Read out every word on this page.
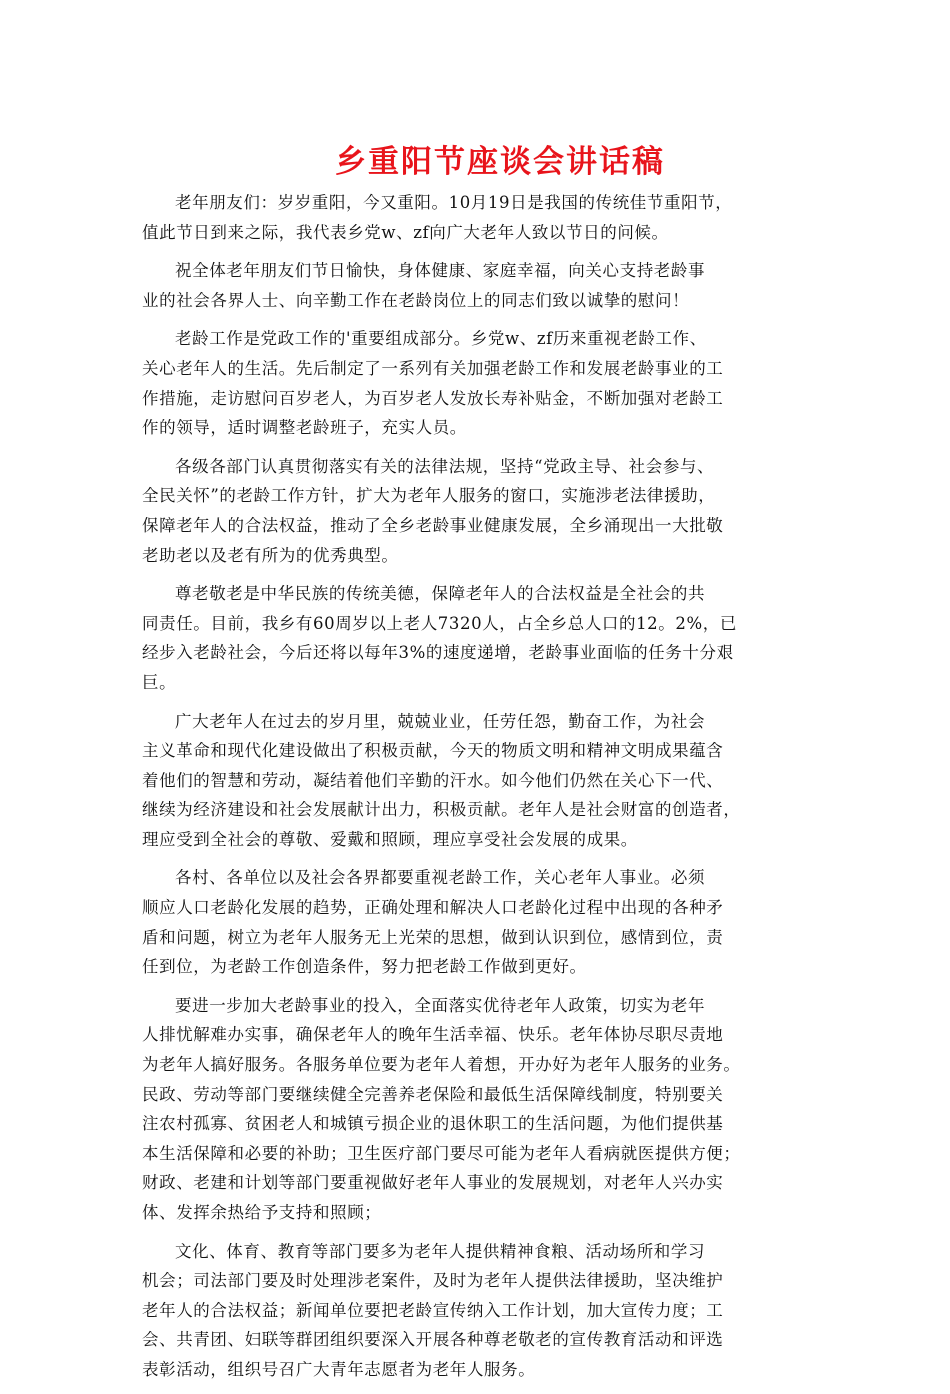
乡重阳节座谈会讲话稿

老年朋友们：岁岁重阳，今又重阳。10月19日是我国的传统佳节重阳节，
值此节日到来之际，我代表乡党w、zf向广大老年人致以节日的问候。

祝全体老年朋友们节日愉快，身体健康、家庭幸福，向关心支持老龄事
业的社会各界人士、向辛勤工作在老龄岗位上的同志们致以诚挚的慰问！

老龄工作是党政工作的'重要组成部分。乡党w、zf历来重视老龄工作、
关心老年人的生活。先后制定了一系列有关加强老龄工作和发展老龄事业的工
作措施，走访慰问百岁老人，为百岁老人发放长寿补贴金，不断加强对老龄工
作的领导，适时调整老龄班子，充实人员。

各级各部门认真贯彻落实有关的法律法规，坚持“党政主导、社会参与、
全民关怀”的老龄工作方针，扩大为老年人服务的窗口，实施涉老法律援助，
保障老年人的合法权益，推动了全乡老龄事业健康发展，全乡涌现出一大批敬
老助老以及老有所为的优秀典型。

尊老敬老是中华民族的传统美德，保障老年人的合法权益是全社会的共
同责任。目前，我乡有60周岁以上老人7320人，占全乡总人口的12。2%，已
经步入老龄社会，今后还将以每年3%的速度递增，老龄事业面临的任务十分艰
巨。

广大老年人在过去的岁月里，兢兢业业，任劳任怨，勤奋工作，为社会
主义革命和现代化建设做出了积极贡献，今天的物质文明和精神文明成果蕴含
着他们的智慧和劳动，凝结着他们辛勤的汗水。如今他们仍然在关心下一代、
继续为经济建设和社会发展献计出力，积极贡献。老年人是社会财富的创造者，
理应受到全社会的尊敬、爱戴和照顾，理应享受社会发展的成果。

各村、各单位以及社会各界都要重视老龄工作，关心老年人事业。必须
顺应人口老龄化发展的趋势，正确处理和解决人口老龄化过程中出现的各种矛
盾和问题，树立为老年人服务无上光荣的思想，做到认识到位，感情到位，责
任到位，为老龄工作创造条件，努力把老龄工作做到更好。

要进一步加大老龄事业的投入，全面落实优待老年人政策，切实为老年
人排忧解难办实事，确保老年人的晚年生活幸福、快乐。老年体协尽职尽责地
为老年人搞好服务。各服务单位要为老年人着想，开办好为老年人服务的业务。
民政、劳动等部门要继续健全完善养老保险和最低生活保障线制度，特别要关
注农村孤寡、贫困老人和城镇亏损企业的退休职工的生活问题，为他们提供基
本生活保障和必要的补助；卫生医疗部门要尽可能为老年人看病就医提供方便；
财政、老建和计划等部门要重视做好老年人事业的发展规划，对老年人兴办实
体、发挥余热给予支持和照顾；

文化、体育、教育等部门要多为老年人提供精神食粮、活动场所和学习
机会；司法部门要及时处理涉老案件，及时为老年人提供法律援助，坚决维护
老年人的合法权益；新闻单位要把老龄宣传纳入工作计划，加大宣传力度；工
会、共青团、妇联等群团组织要深入开展各种尊老敬老的宣传教育活动和评选
表彰活动，组织号召广大青年志愿者为老年人服务。
